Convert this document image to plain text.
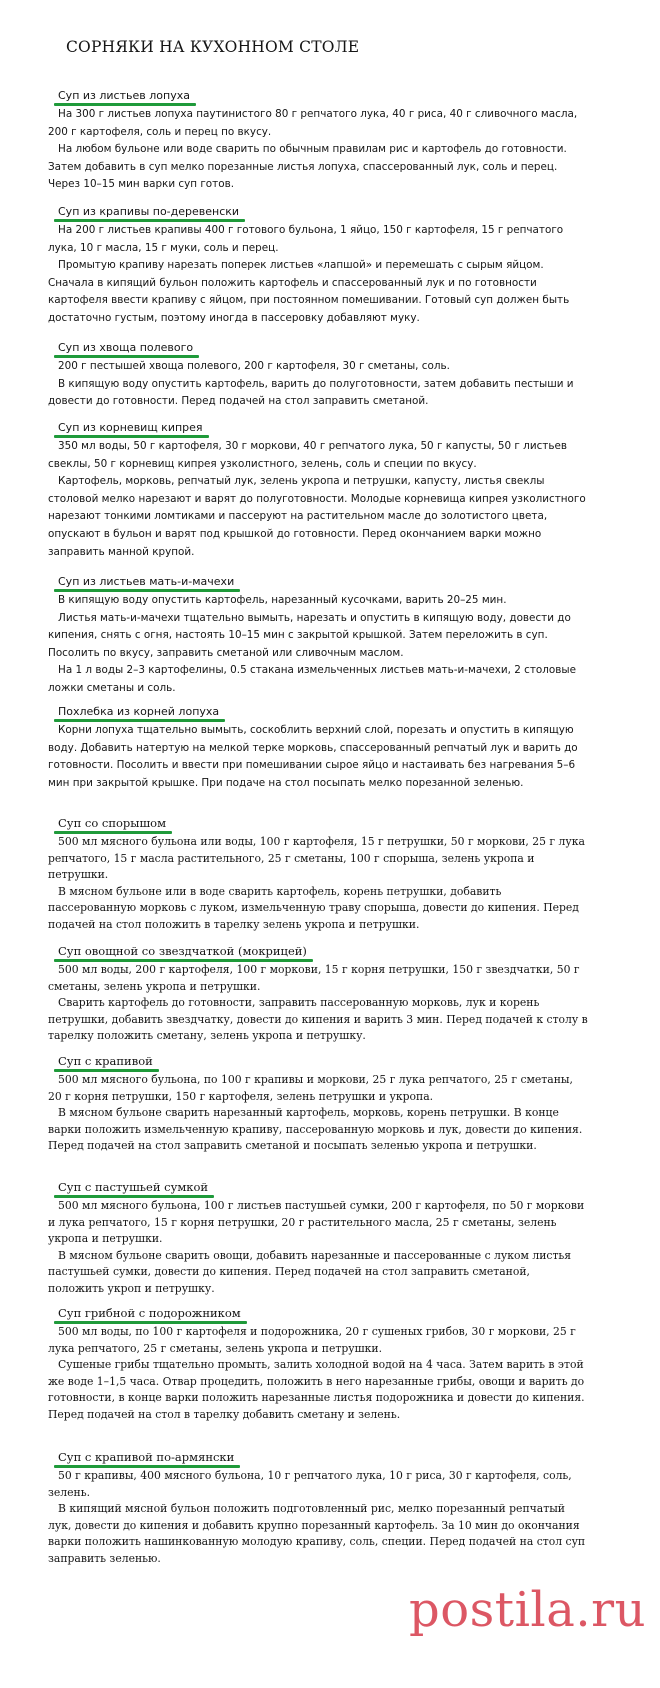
СОРНЯКИ НА КУХОННОМ СТОЛЕ
Суп из листьев лопуха

На 300 г листьев лопуха паутинистого 80 г репчатого лука, 40 г риса, 40 г сливочного масла, 200 г картофеля, соль и перец по вкусу.

На любом бульоне или воде сварить по обычным правилам рис и картофель до готовности. Затем добавить в суп мелко порезанные листья лопуха, спассерованный лук, соль и перец. Через 10–15 мин варки суп готов.

Суп из крапивы по-деревенски

На 200 г листьев крапивы 400 г готового бульона, 1 яйцо, 150 г картофеля, 15 г репчатого лука, 10 г масла, 15 г муки, соль и перец.

Промытую крапиву нарезать поперек листьев «лапшой» и перемешать с сырым яйцом. Сначала в кипящий бульон положить картофель и спассерованный лук и по готовности картофеля ввести крапиву с яйцом, при постоянном помешивании. Готовый суп должен быть достаточно густым, поэтому иногда в пассеровку добавляют муку.

Суп из хвоща полевого

200 г пестышей хвоща полевого, 200 г картофеля, 30 г сметаны, соль.

В кипящую воду опустить картофель, варить до полуготовности, затем добавить пестыши и довести до готовности. Перед подачей на стол заправить сметаной.

Суп из корневищ кипрея

350 мл воды, 50 г картофеля, 30 г моркови, 40 г репчатого лука, 50 г капусты, 50 г листьев свеклы, 50 г корневищ кипрея узколистного, зелень, соль и специи по вкусу.

Картофель, морковь, репчатый лук, зелень укропа и петрушки, капусту, листья свеклы столовой мелко нарезают и варят до полуготовности. Молодые корневища кипрея узколистного нарезают тонкими ломтиками и пассеруют на растительном масле до золотистого цвета, опускают в бульон и варят под крышкой до готовности. Перед окончанием варки можно заправить манной крупой.

Суп из листьев мать-и-мачехи

В кипящую воду опустить картофель, нарезанный кусочками, варить 20–25 мин.

Листья мать-и-мачехи тщательно вымыть, нарезать и опустить в кипящую воду, довести до кипения, снять с огня, настоять 10–15 мин с закрытой крышкой. Затем переложить в суп. Посолить по вкусу, заправить сметаной или сливочным маслом.

На 1 л воды 2–3 картофелины, 0.5 стакана измельченных листьев мать-и-мачехи, 2 столовые ложки сметаны и соль.

Похлебка из корней лопуха

Корни лопуха тщательно вымыть, соскоблить верхний слой, порезать и опустить в кипящую воду. Добавить натертую на мелкой терке морковь, спассерованный репчатый лук и варить до готовности. Посолить и ввести при помешивании сырое яйцо и настаивать без нагревания 5–6 мин при закрытой крышке. При подаче на стол посыпать мелко порезанной зеленью.

Суп со спорышом

500 мл мясного бульона или воды, 100 г картофеля, 15 г петрушки, 50 г моркови, 25 г лука репчатого, 15 г масла растительного, 25 г сметаны, 100 г спорыша, зелень укропа и петрушки.

В мясном бульоне или в воде сварить картофель, корень петрушки, добавить пассерованную морковь с луком, измельченную траву спорыша, довести до кипения. Перед подачей на стол положить в тарелку зелень укропа и петрушки.

Суп овощной со звездчаткой (мокрицей)

500 мл воды, 200 г картофеля, 100 г моркови, 15 г корня петрушки, 150 г звездчатки, 50 г сметаны, зелень укропа и петрушки.

Сварить картофель до готовности, заправить пассерованную морковь, лук и корень петрушки, добавить звездчатку, довести до кипения и варить 3 мин. Перед подачей к столу в тарелку положить сметану, зелень укропа и петрушку.

Суп с крапивой

500 мл мясного бульона, по 100 г крапивы и моркови, 25 г лука репчатого, 25 г сметаны, 20 г корня петрушки, 150 г картофеля, зелень петрушки и укропа.

В мясном бульоне сварить нарезанный картофель, морковь, корень петрушки. В конце варки положить измельченную крапиву, пассерованную морковь и лук, довести до кипения. Перед подачей на стол заправить сметаной и посыпать зеленью укропа и петрушки.

Суп с пастушьей сумкой

500 мл мясного бульона, 100 г листьев пастушьей сумки, 200 г картофеля, по 50 г моркови и лука репчатого, 15 г корня петрушки, 20 г растительного масла, 25 г сметаны, зелень укропа и петрушки.

В мясном бульоне сварить овощи, добавить нарезанные и пассерованные с луком листья пастушьей сумки, довести до кипения. Перед подачей на стол заправить сметаной, положить укроп и петрушку.

Суп грибной с подорожником

500 мл воды, по 100 г картофеля и подорожника, 20 г сушеных грибов, 30 г моркови, 25 г лука репчатого, 25 г сметаны, зелень укропа и петрушки.

Сушеные грибы тщательно промыть, залить холодной водой на 4 часа. Затем варить в этой же воде 1–1,5 часа. Отвар процедить, положить в него нарезанные грибы, овощи и варить до готовности, в конце варки положить нарезанные листья подорожника и довести до кипения. Перед подачей на стол в тарелку добавить сметану и зелень.

Суп с крапивой по-армянски

50 г крапивы, 400 мясного бульона, 10 г репчатого лука, 10 г риса, 30 г картофеля, соль, зелень.

В кипящий мясной бульон положить подготовленный рис, мелко порезанный репчатый лук, довести до кипения и добавить крупно порезанный картофель. За 10 мин до окончания варки положить нашинкованную молодую крапиву, соль, специи. Перед подачей на стол суп заправить зеленью.

postila.ru
